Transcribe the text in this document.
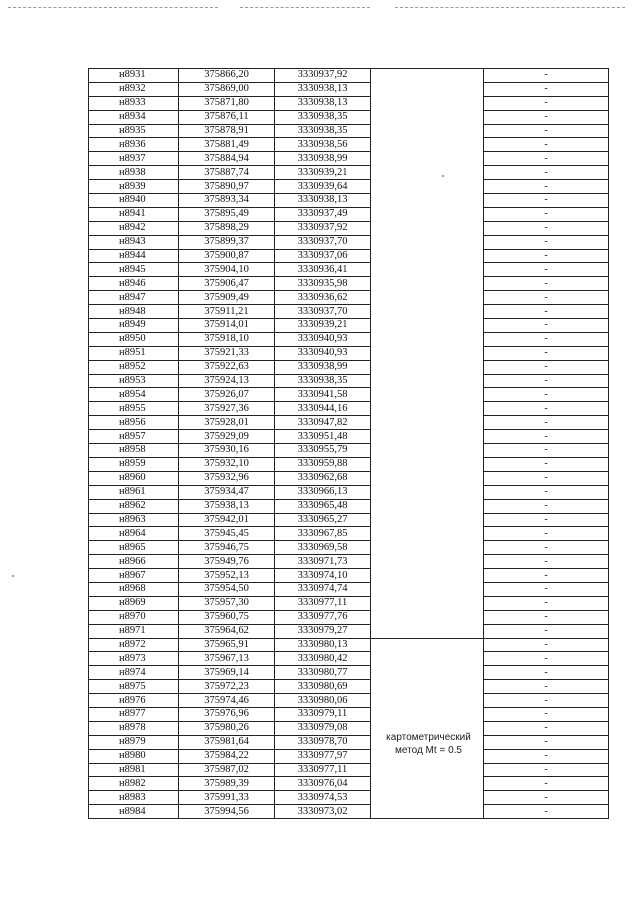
н8931	375866,20	3330937,92		-
н8932	375869,00	3330938,13		-
н8933	375871,80	3330938,13		-
н8934	375876,11	3330938,35		-
н8935	375878,91	3330938,35		-
н8936	375881,49	3330938,56		-
н8937	375884,94	3330938,99		-
н8938	375887,74	3330939,21		-
н8939	375890,97	3330939,64		-
н8940	375893,34	3330938,13		-
н8941	375895,49	3330937,49		-
н8942	375898,29	3330937,92		-
н8943	375899,37	3330937,70		-
н8944	375900,87	3330937,06		-
н8945	375904,10	3330936,41		-
н8946	375906,47	3330935,98		-
н8947	375909,49	3330936,62		-
н8948	375911,21	3330937,70		-
н8949	375914,01	3330939,21		-
н8950	375918,10	3330940,93		-
н8951	375921,33	3330940,93		-
н8952	375922,63	3330938,99		-
н8953	375924,13	3330938,35		-
н8954	375926,07	3330941,58		-
н8955	375927,36	3330944,16		-
н8956	375928,01	3330947,82		-
н8957	375929,09	3330951,48		-
н8958	375930,16	3330955,79		-
н8959	375932,10	3330959,88		-
н8960	375932,96	3330962,68		-
н8961	375934,47	3330966,13		-
н8962	375938,13	3330965,48		-
н8963	375942,01	3330965,27		-
н8964	375945,45	3330967,85		-
н8965	375946,75	3330969,58		-
н8966	375949,76	3330971,73		-
н8967	375952,13	3330974,10		-
н8968	375954,50	3330974,74		-
н8969	375957,30	3330977,11		-
н8970	375960,75	3330977,76		-
н8971	375964,62	3330979,27		-
н8972	375965,91	3330980,13		-
н8973	375967,13	3330980,42		-
н8974	375969,14	3330980,77		-
н8975	375972,23	3330980,69		-
н8976	375974,46	3330980,06		-
н8977	375976,96	3330979,11		-
н8978	375980,26	3330979,08		-
н8979	375981,64	3330978,70		-
н8980	375984,22	3330977,97		-
н8981	375987,02	3330977,11		-
н8982	375989,39	3330976,04		-
н8983	375991,33	3330974,53		-
н8984	375994,56	3330973,02		-
картометрический метод Mt = 0.5
